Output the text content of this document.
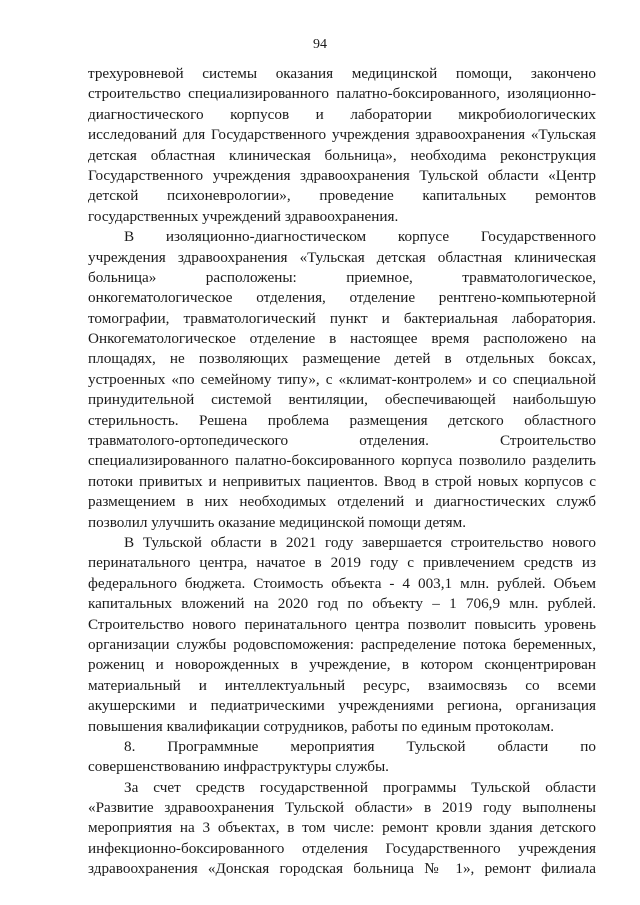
94
трехуровневой системы оказания медицинской помощи, закончено
строительство специализированного палатно-боксированного, изоляционно-
диагностического корпусов и лаборатории микробиологических
исследований для Государственного учреждения здравоохранения «Тульская
детская областная клиническая больница», необходима реконструкция
Государственного учреждения здравоохранения Тульской области «Центр
детской психоневрологии», проведение капитальных ремонтов
государственных учреждений здравоохранения.
В изоляционно-диагностическом корпусе Государственного
учреждения здравоохранения «Тульская детская областная клиническая
больница» расположены: приемное, травматологическое,
онкогематологическое отделения, отделение рентгено-компьютерной
томографии, травматологический пункт и бактериальная лаборатория.
Онкогематологическое отделение в настоящее время расположено на
площадях, не позволяющих размещение детей в отдельных боксах,
устроенных «по семейному типу», с «климат-контролем» и со специальной
принудительной системой вентиляции, обеспечивающей наибольшую
стерильность. Решена проблема размещения детского областного
травматолого-ортопедического отделения. Строительство
специализированного палатно-боксированного корпуса позволило разделить
потоки привитых и непривитых пациентов. Ввод в строй новых корпусов с
размещением в них необходимых отделений и диагностических служб
позволил улучшить оказание медицинской помощи детям.
В Тульской области в 2021 году завершается строительство нового
перинатального центра, начатое в 2019 году с привлечением средств из
федерального бюджета. Стоимость объекта - 4 003,1 млн. рублей. Объем
капитальных вложений на 2020 год по объекту – 1 706,9 млн. рублей.
Строительство нового перинатального центра позволит повысить уровень
организации службы родовспоможения: распределение потока беременных,
рожениц и новорожденных в учреждение, в котором сконцентрирован
материальный и интеллектуальный ресурс, взаимосвязь со всеми
акушерскими и педиатрическими учреждениями региона, организация
повышения квалификации сотрудников, работы по единым протоколам.
8. Программные мероприятия Тульской области по
совершенствованию инфраструктуры службы.
За счет средств государственной программы Тульской области
«Развитие здравоохранения Тульской области» в 2019 году выполнены
мероприятия на 3 объектах, в том числе: ремонт кровли здания детского
инфекционно-боксированного отделения Государственного учреждения
здравоохранения «Донская городская больница № 1», ремонт филиала
